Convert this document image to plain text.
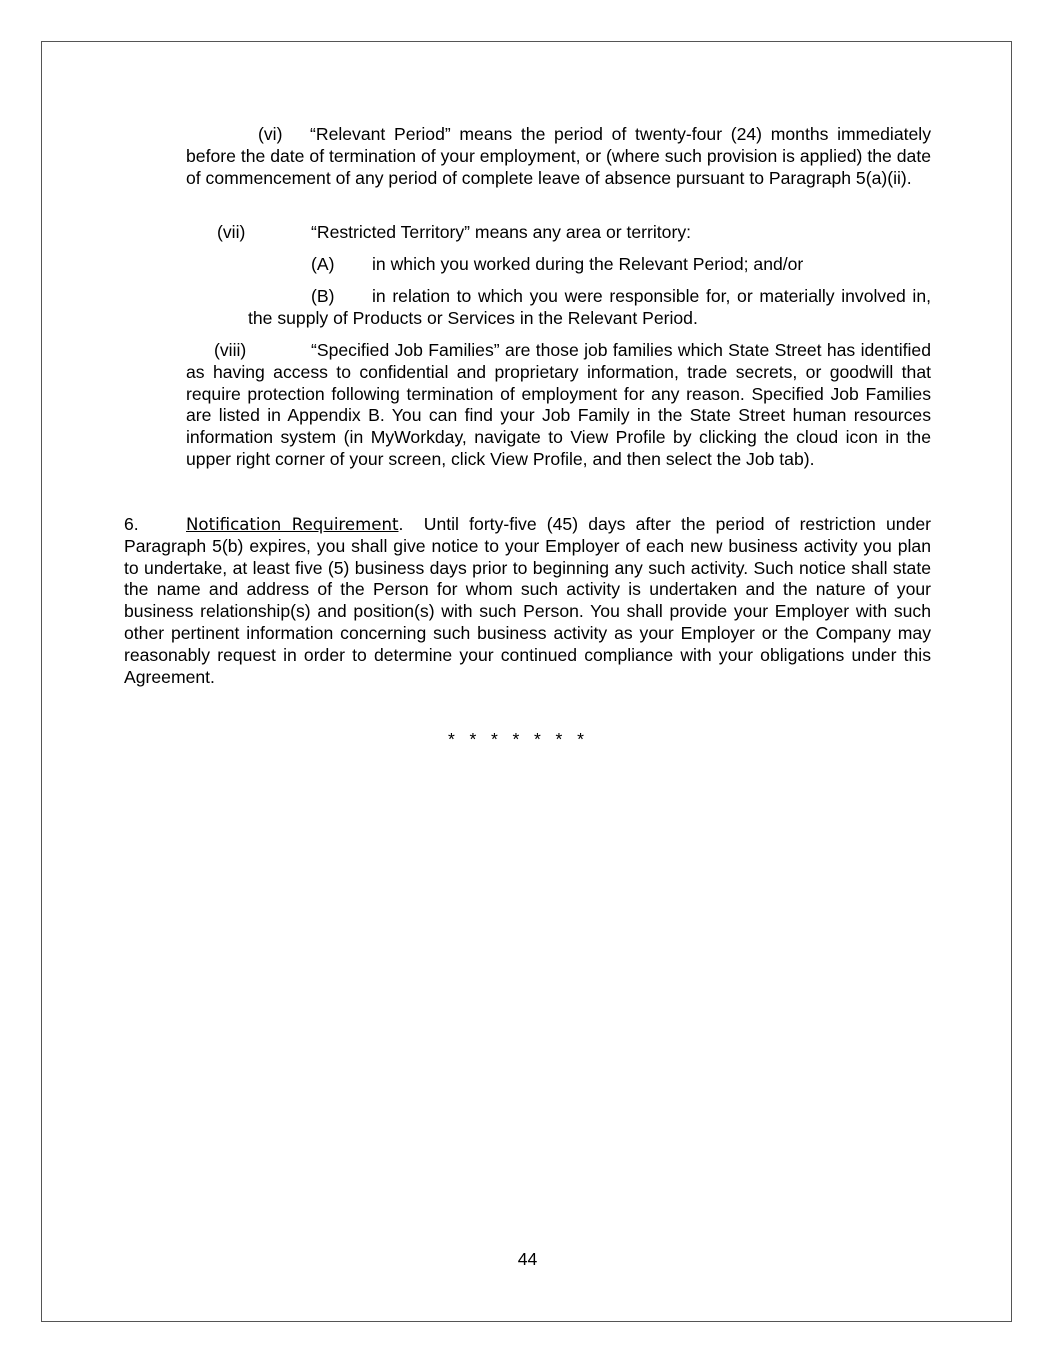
(vi) “Relevant Period” means the period of twenty-four (24) months immediately before the date of termination of your employment, or (where such provision is applied) the date of commencement of any period of complete leave of absence pursuant to Paragraph 5(a)(ii).

(vii)	“Restricted Territory” means any area or territory:

(A) in which you worked during the Relevant Period; and/or

(B) in relation to which you were responsible for, or materially involved in, the supply of Products or Services in the Relevant Period.

(viii)	“Specified Job Families” are those job families which State Street has identified as having access to confidential and proprietary information, trade secrets, or goodwill that require protection following termination of employment for any reason. Specified Job Families are listed in Appendix B. You can find your Job Family in the State Street human resources information system (in MyWorkday, navigate to View Profile by clicking the cloud icon in the upper right corner of your screen, click View Profile, and then select the Job tab).

6.	Notification Requirement. Until forty-five (45) days after the period of restriction under Paragraph 5(b) expires, you shall give notice to your Employer of each new business activity you plan to undertake, at least five (5) business days prior to beginning any such activity. Such notice shall state the name and address of the Person for whom such activity is undertaken and the nature of your business relationship(s) and position(s) with such Person. You shall provide your Employer with such other pertinent information concerning such business activity as your Employer or the Company may reasonably request in order to determine your continued compliance with your obligations under this Agreement.

*   *   *   *   *   *   *
44
